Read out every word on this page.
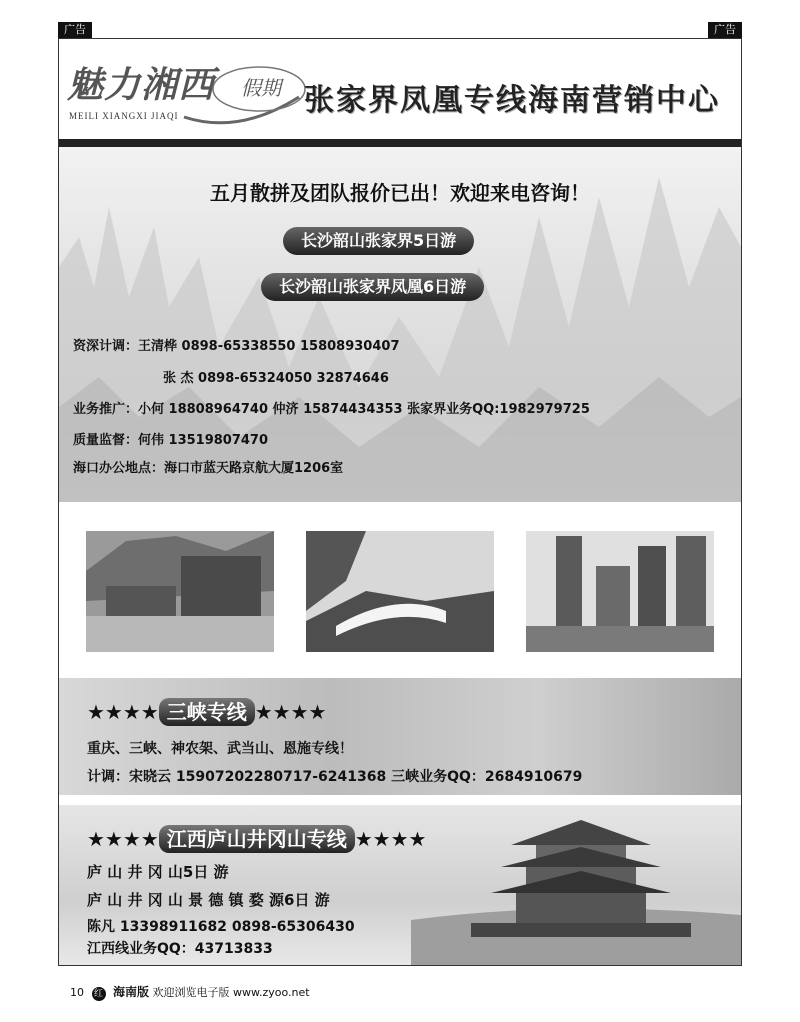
广告	广告
魅力湘西 假期
MEILI XIANGXI JIAQI	张家界凤凰专线海南营销中心
五月散拼及团队报价已出！欢迎来电咨询！
长沙韶山张家界5日游
长沙韶山张家界凤凰6日游
资深计调：王清桦 0898-65338550 15808930407
张 杰 0898-65324050 32874646
业务推广：小何 18808964740 仲济 15874434353 张家界业务QQ:1982979725
质量监督：何伟 13519807470
海口办公地点：海口市蓝天路京航大厦1206室
★★★★ 三峡专线 ★★★★
重庆、三峡、神农架、武当山、恩施专线！
计调：宋晓云 15907202280717-6241368 三峡业务QQ：2684910679
★★★★ 江西庐山井冈山专线 ★★★★
庐 山 井 冈 山5日 游
庐 山 井 冈 山 景 德 镇 婺 源6日 游
陈凡 13398911682 0898-65306430
江西线业务QQ：43713833
10 红 海南版 欢迎浏览电子版 www.zyoo.net
